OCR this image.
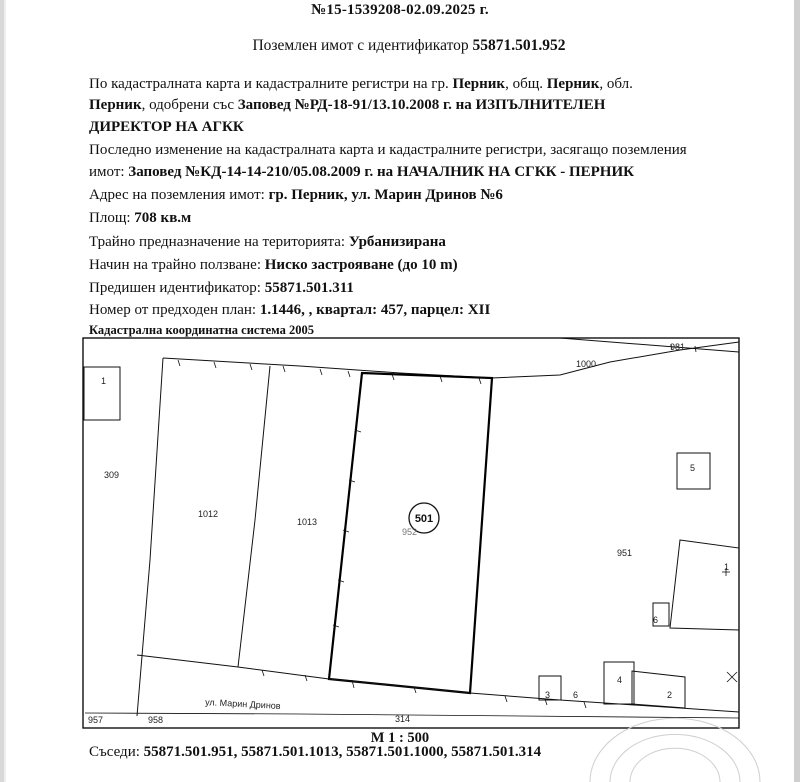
№15-1539208-02.09.2025 г.
Поземлен имот с идентификатор 55871.501.952
По кадастралната карта и кадастралните регистри на гр. Перник, общ. Перник, обл.
Перник, одобрени със Заповед №РД-18-91/13.10.2008 г. на ИЗПЪЛНИТЕЛЕН
ДИРЕКТОР НА АГКК
Последно изменение на кадастралната карта и кадастралните регистри, засягащо поземления
имот: Заповед №КД-14-14-210/05.08.2009 г. на НАЧАЛНИК НА СГКК - ПЕРНИК
Адрес на поземления имот: гр. Перник, ул. Марин Дринов №6
Площ: 708 кв.м
Трайно предназначение на територията: Урбанизирана
Начин на трайно ползване: Ниско застрояване (до 10 m)
Предишен идентификатор: 55871.501.311
Номер от предходен план: 1.1446, , квартал: 457, парцел: XII
Кадастрална координатна система 2005
501
981
1000
1
309
1012
1013
952
951
5
1
6
3	6
4
2
957	958	314
ул. Марин Дринов
М 1 : 500
Съседи: 55871.501.951, 55871.501.1013, 55871.501.1000, 55871.501.314
